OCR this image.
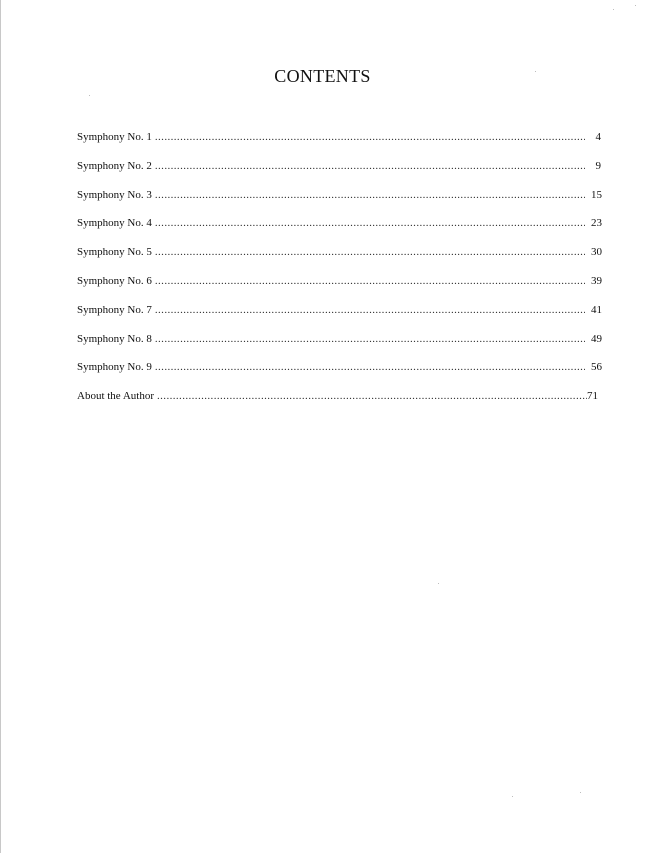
CONTENTS
Symphony No. 1 .....	4
Symphony No. 2 .....	9
Symphony No. 3 .....	15
Symphony No. 4 .....	23
Symphony No. 5 .....	30
Symphony No. 6 .....	39
Symphony No. 7 .....	41
Symphony No. 8 .....	49
Symphony No. 9 .....	56
About the Author .....	71
